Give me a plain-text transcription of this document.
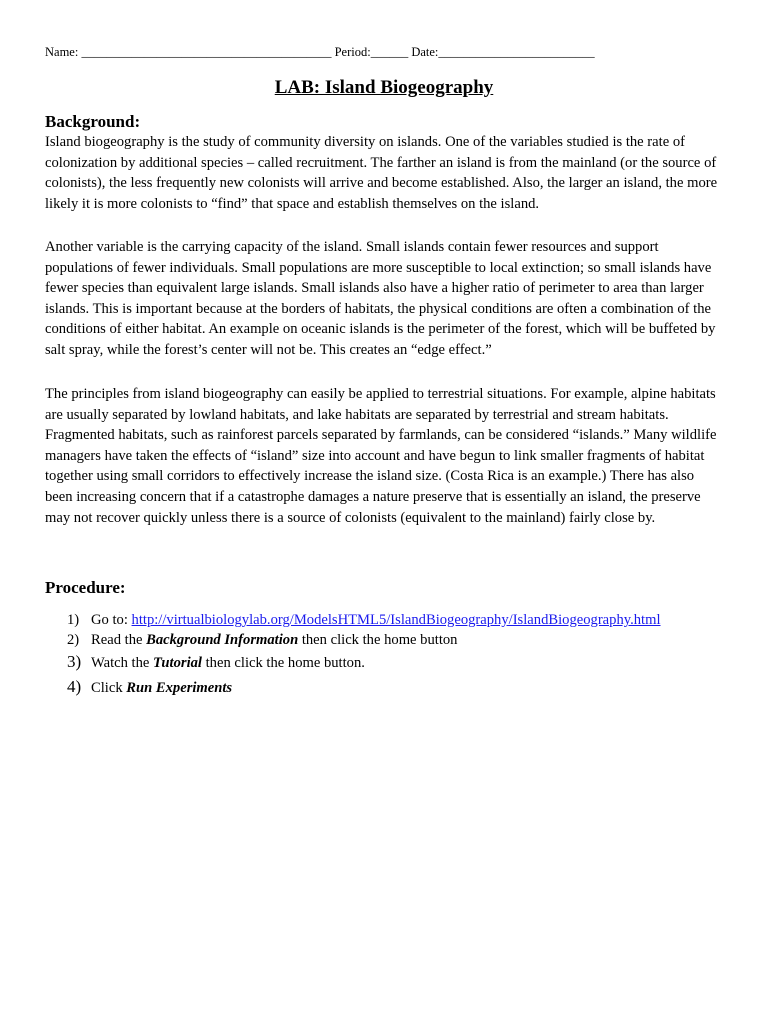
Name: ________________________________________ Period:______ Date:_________________________
LAB: Island Biogeography
Background:

Island biogeography is the study of community diversity on islands. One of the variables studied is the rate of colonization by additional species – called recruitment. The farther an island is from the mainland (or the source of colonists), the less frequently new colonists will arrive and become established. Also, the larger an island, the more likely it is more colonists to “find” that space and establish themselves on the island.

Another variable is the carrying capacity of the island. Small islands contain fewer resources and support populations of fewer individuals. Small populations are more susceptible to local extinction; so small islands have fewer species than equivalent large islands. Small islands also have a higher ratio of perimeter to area than larger islands. This is important because at the borders of habitats, the physical conditions are often a combination of the conditions of either habitat. An example on oceanic islands is the perimeter of the forest, which will be buffeted by salt spray, while the forest’s center will not be. This creates an “edge effect.”

The principles from island biogeography can easily be applied to terrestrial situations. For example, alpine habitats are usually separated by lowland habitats, and lake habitats are separated by terrestrial and stream habitats. Fragmented habitats, such as rainforest parcels separated by farmlands, can be considered “islands.” Many wildlife managers have taken the effects of “island” size into account and have begun to link smaller fragments of habitat together using small corridors to effectively increase the island size. (Costa Rica is an example.) There has also been increasing concern that if a catastrophe damages a nature preserve that is essentially an island, the preserve may not recover quickly unless there is a source of colonists (equivalent to the mainland) fairly close by.

Procedure:
1) Go to: http://virtualbiologylab.org/ModelsHTML5/IslandBiogeography/IslandBiogeography.html
2) Read the Background Information then click the home button
3) Watch the Tutorial then click the home button.
4) Click Run Experiments
